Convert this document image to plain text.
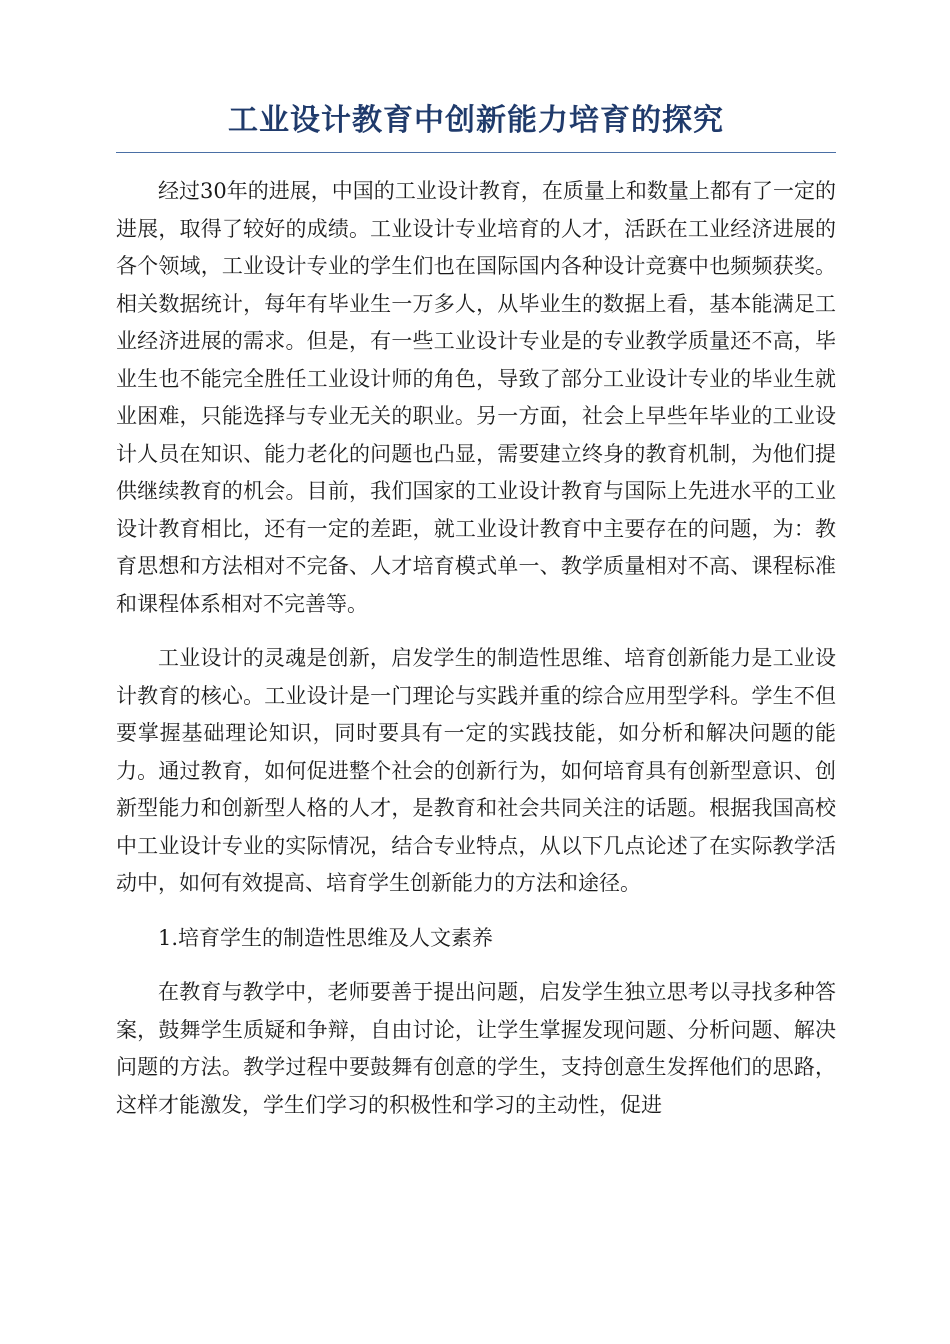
工业设计教育中创新能力培育的探究

经过30年的进展，中国的工业设计教育，在质量上和数量上都有了一定的进展，取得了较好的成绩。工业设计专业培育的人才，活跃在工业经济进展的各个领域，工业设计专业的学生们也在国际国内各种设计竞赛中也频频获奖。相关数据统计，每年有毕业生一万多人，从毕业生的数据上看，基本能满足工业经济进展的需求。但是，有一些工业设计专业是的专业教学质量还不高，毕业生也不能完全胜任工业设计师的角色，导致了部分工业设计专业的毕业生就业困难，只能选择与专业无关的职业。另一方面，社会上早些年毕业的工业设计人员在知识、能力老化的问题也凸显，需要建立终身的教育机制，为他们提供继续教育的机会。目前，我们国家的工业设计教育与国际上先进水平的工业设计教育相比，还有一定的差距，就工业设计教育中主要存在的问题，为：教育思想和方法相对不完备、人才培育模式单一、教学质量相对不高、课程标准和课程体系相对不完善等。

工业设计的灵魂是创新，启发学生的制造性思维、培育创新能力是工业设计教育的核心。工业设计是一门理论与实践并重的综合应用型学科。学生不但要掌握基础理论知识，同时要具有一定的实践技能，如分析和解决问题的能力。通过教育，如何促进整个社会的创新行为，如何培育具有创新型意识、创新型能力和创新型人格的人才，是教育和社会共同关注的话题。根据我国高校中工业设计专业的实际情况，结合专业特点，从以下几点论述了在实际教学活动中，如何有效提高、培育学生创新能力的方法和途径。

1.培育学生的制造性思维及人文素养

在教育与教学中，老师要善于提出问题，启发学生独立思考以寻找多种答案，鼓舞学生质疑和争辩，自由讨论，让学生掌握发现问题、分析问题、解决问题的方法。教学过程中要鼓舞有创意的学生，支持创意生发挥他们的思路，这样才能激发，学生们学习的积极性和学习的主动性，促进
